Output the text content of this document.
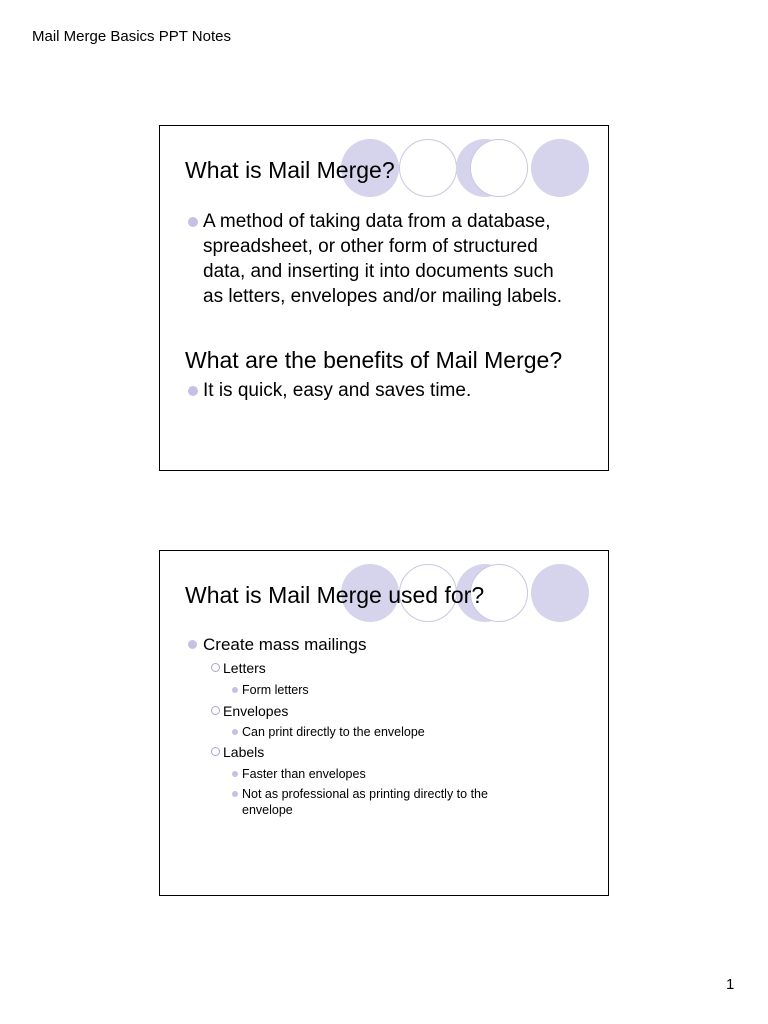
Mail Merge Basics PPT Notes
What is Mail Merge?
A method of taking data from a database,
spreadsheet, or other form of structured
data, and inserting it into documents such
as letters, envelopes and/or mailing labels.
What are the benefits of Mail Merge?
It is quick, easy and saves time.
What is Mail Merge used for?
Create mass mailings
Letters
Form letters
Envelopes
Can print directly to the envelope
Labels
Faster than envelopes
Not as professional as printing directly to the
envelope
1
